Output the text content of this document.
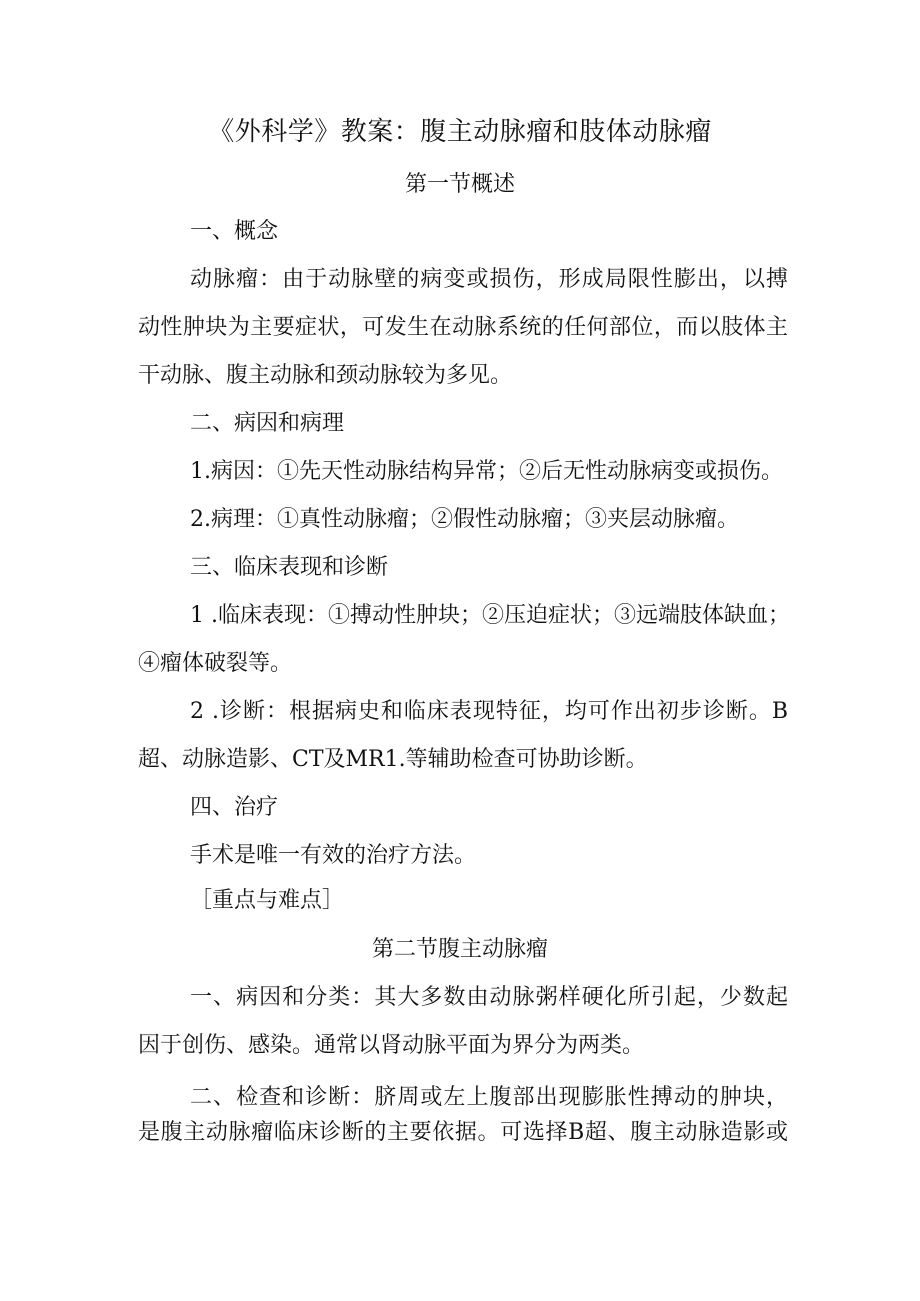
《外科学》教案：腹主动脉瘤和肢体动脉瘤
第一节概述
一、概念
动脉瘤：由于动脉壁的病变或损伤，形成局限性膨出，以搏
动性肿块为主要症状，可发生在动脉系统的任何部位，而以肢体主
干动脉、腹主动脉和颈动脉较为多见。
二、病因和病理
1.病因：①先天性动脉结构异常；②后无性动脉病变或损伤。
2.病理：①真性动脉瘤；②假性动脉瘤；③夹层动脉瘤。
三、临床表现和诊断
1 .临床表现：①搏动性肿块；②压迫症状；③远端肢体缺血；
④瘤体破裂等。
2 .诊断：根据病史和临床表现特征，均可作出初步诊断。B
超、动脉造影、CT及MR1.等辅助检查可协助诊断。
四、治疗
手术是唯一有效的治疗方法。
［重点与难点］
第二节腹主动脉瘤
一、病因和分类：其大多数由动脉粥样硬化所引起，少数起
因于创伤、感染。通常以肾动脉平面为界分为两类。
二、检查和诊断：脐周或左上腹部出现膨胀性搏动的肿块，
是腹主动脉瘤临床诊断的主要依据。可选择B超、腹主动脉造影或
